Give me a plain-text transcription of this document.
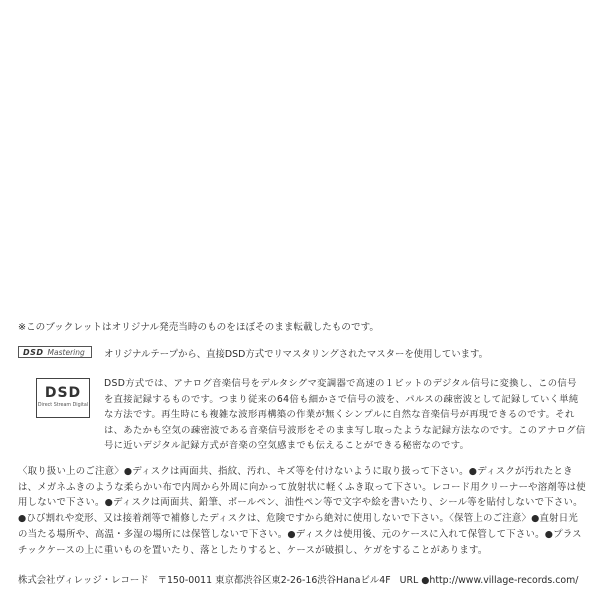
※このブックレットはオリジナル発売当時のものをほぼそのまま転載したものです。
DSD Mastering オリジナルテープから、直接DSD方式でリマスタリングされたマスターを使用しています。
DSD
Direct Stream Digital
DSD方式では、アナログ音楽信号をデルタシグマ変調器で高速の１ビットのデジタル信号に変換し、この信号を直接記録するものです。つまり従来の64倍も細かさで信号の波を、パルスの疎密波として記録していく単純な方法です。再生時にも複雑な波形再構築の作業が無くシンプルに自然な音楽信号が再現できるのです。それは、あたかも空気の疎密波である音楽信号波形をそのまま写し取ったような記録方法なのです。このアナログ信号に近いデジタル記録方式が音楽の空気感までも伝えることができる秘密なのです。
〈取り扱い上のご注意〉●ディスクは両面共、指紋、汚れ、キズ等を付けないように取り扱って下さい。●ディスクが汚れたときは、メガネふきのような柔らかい布で内周から外周に向かって放射状に軽くふき取って下さい。レコード用クリーナーや溶剤等は使用しないで下さい。●ディスクは両面共、鉛筆、ボールペン、油性ペン等で文字や絵を書いたり、シール等を貼付しないで下さい。●ひび割れや変形、又は接着剤等で補修したディスクは、危険ですから絶対に使用しないで下さい。〈保管上のご注意〉●直射日光の当たる場所や、高温・多湿の場所には保管しないで下さい。●ディスクは使用後、元のケースに入れて保管して下さい。●プラスチックケースの上に重いものを置いたり、落としたりすると、ケースが破損し、ケガをすることがあります。
株式会社ヴィレッジ・レコード 〒150-0011 東京都渋谷区東2-26-16渋谷Hanaビル4F URL ●http://www.village-records.com/
